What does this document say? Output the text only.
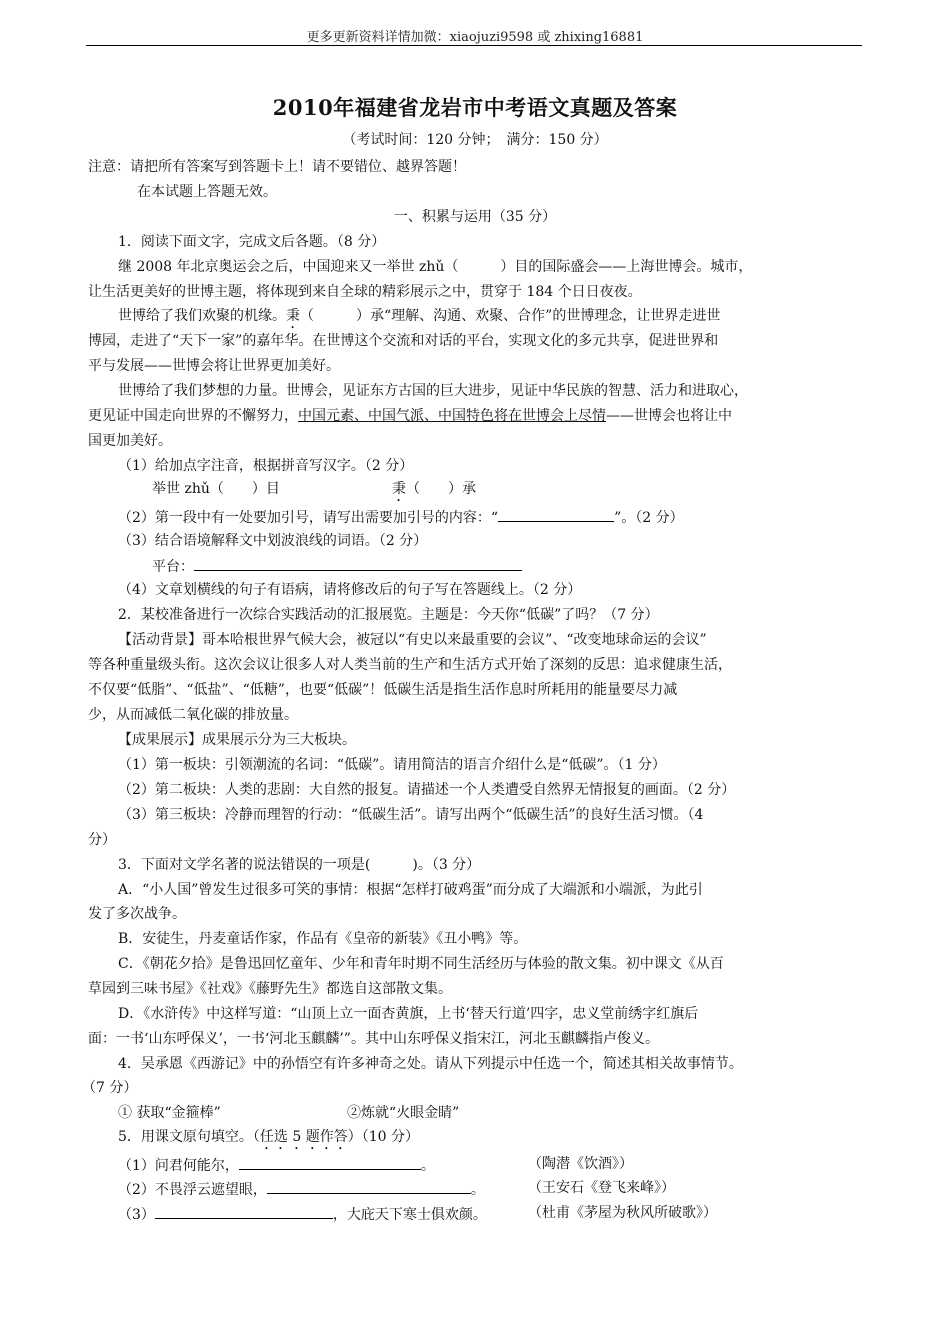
更多更新资料详情加微：xiaojuzi9598 或 zhixing16881
2010年福建省龙岩市中考语文真题及答案
（考试时间：120 分钟；　满分：150 分）
注意：请把所有答案写到答题卡上！请不要错位、越界答题！
在本试题上答题无效。
一、积累与运用（35 分）
1．阅读下面文字，完成文后各题。（8 分）
继 2008 年北京奥运会之后，中国迎来又一举世 zhǔ（　　　）目的国际盛会——上海世博会。城市，
让生活更美好的世博主题，将体现到来自全球的精彩展示之中，贯穿于 184 个日日夜夜。
世博给了我们欢聚的机缘。秉（　　　）承“理解、沟通、欢聚、合作”的世博理念，让世界走进世
博园，走进了“天下一家”的嘉年华。在世博这个交流和对话的平台，实现文化的多元共享，促进世界和
平与发展——世博会将让世界更加美好。
世博给了我们梦想的力量。世博会，见证东方古国的巨大进步，见证中华民族的智慧、活力和进取心，
更见证中国走向世界的不懈努力，中国元素、中国气派、中国特色将在世博会上尽情——世博会也将让中
国更加美好。
（1）给加点字注音，根据拼音写汉字。（2 分）
举世 zhǔ（　　）目	秉（　　）承
（2）第一段中有一处要加引号，请写出需要加引号的内容：“	”。（2 分）
（3）结合语境解释文中划波浪线的词语。（2 分）
平台：
（4）文章划横线的句子有语病，请将修改后的句子写在答题线上。（2 分）
2．某校准备进行一次综合实践活动的汇报展览。主题是：今天你“低碳”了吗？（7 分）
【活动背景】哥本哈根世界气候大会，被冠以“有史以来最重要的会议”、“改变地球命运的会议”
等各种重量级头衔。这次会议让很多人对人类当前的生产和生活方式开始了深刻的反思：追求健康生活，
不仅要“低脂”、“低盐”、“低糖”，也要“低碳”！低碳生活是指生活作息时所耗用的能量要尽力减
少，从而减低二氧化碳的排放量。
【成果展示】成果展示分为三大板块。
（1）第一板块：引领潮流的名词：“低碳”。请用简洁的语言介绍什么是“低碳”。（1 分）
（2）第二板块：人类的悲剧：大自然的报复。请描述一个人类遭受自然界无情报复的画面。（2 分）
（3）第三板块：冷静而理智的行动：“低碳生活”。请写出两个“低碳生活”的良好生活习惯。（4
分）
3．下面对文学名著的说法错误的一项是(　　　)。（3 分）
A．“小人国”曾发生过很多可笑的事情：根据“怎样打破鸡蛋”而分成了大端派和小端派，为此引
发了多次战争。
B．安徒生，丹麦童话作家，作品有《皇帝的新装》《丑小鸭》等。
C．《朝花夕拾》是鲁迅回忆童年、少年和青年时期不同生活经历与体验的散文集。初中课文《从百
草园到三味书屋》《社戏》《藤野先生》都选自这部散文集。
D．《水浒传》中这样写道：“山顶上立一面杏黄旗，上书‘替天行道’四字，忠义堂前绣字红旗后
面：一书‘山东呼保义’，一书‘河北玉麒麟’”。其中山东呼保义指宋江，河北玉麒麟指卢俊义。
4．吴承恩《西游记》中的孙悟空有许多神奇之处。请从下列提示中任选一个，简述其相关故事情节。
（7 分）
① 获取“金箍棒”	②炼就“火眼金睛”
5．用课文原句填空。（任选 5 题作答）（10 分）
（1）问君何能尔，	。	（陶潜《饮酒》）
（2）不畏浮云遮望眼，	。	（王安石《登飞来峰》）
（3）	，大庇天下寒士俱欢颜。	（杜甫《茅屋为秋风所破歌》）
